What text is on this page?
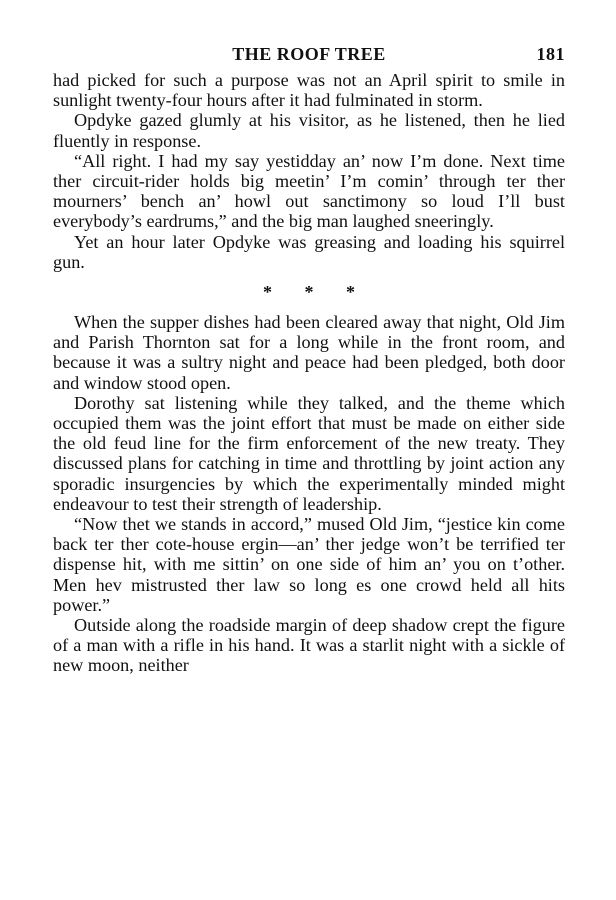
THE ROOF TREE	181

had picked for such a purpose was not an April spirit to smile in sunlight twenty-four hours after it had fulminated in storm.

Opdyke gazed glumly at his visitor, as he listened, then he lied fluently in response.

“All right. I had my say yestidday an’ now I’m done. Next time ther circuit-rider holds big meetin’ I’m comin’ through ter ther mourners’ bench an’ howl out sanctimony so loud I’ll bust everybody’s eardrums,” and the big man laughed sneeringly.

Yet an hour later Opdyke was greasing and loading his squirrel gun.

* * *

When the supper dishes had been cleared away that night, Old Jim and Parish Thornton sat for a long while in the front room, and because it was a sultry night and peace had been pledged, both door and window stood open.

Dorothy sat listening while they talked, and the theme which occupied them was the joint effort that must be made on either side the old feud line for the firm enforcement of the new treaty. They discussed plans for catching in time and throttling by joint action any sporadic insurgencies by which the experimentally minded might endeavour to test their strength of leadership.

“Now thet we stands in accord,” mused Old Jim, “jestice kin come back ter ther cote-house ergin—an’ ther jedge won’t be terrified ter dispense hit, with me sittin’ on one side of him an’ you on t’other. Men hev mistrusted ther law so long es one crowd held all hits power.”

Outside along the roadside margin of deep shadow crept the figure of a man with a rifle in his hand. It was a starlit night with a sickle of new moon, neither
